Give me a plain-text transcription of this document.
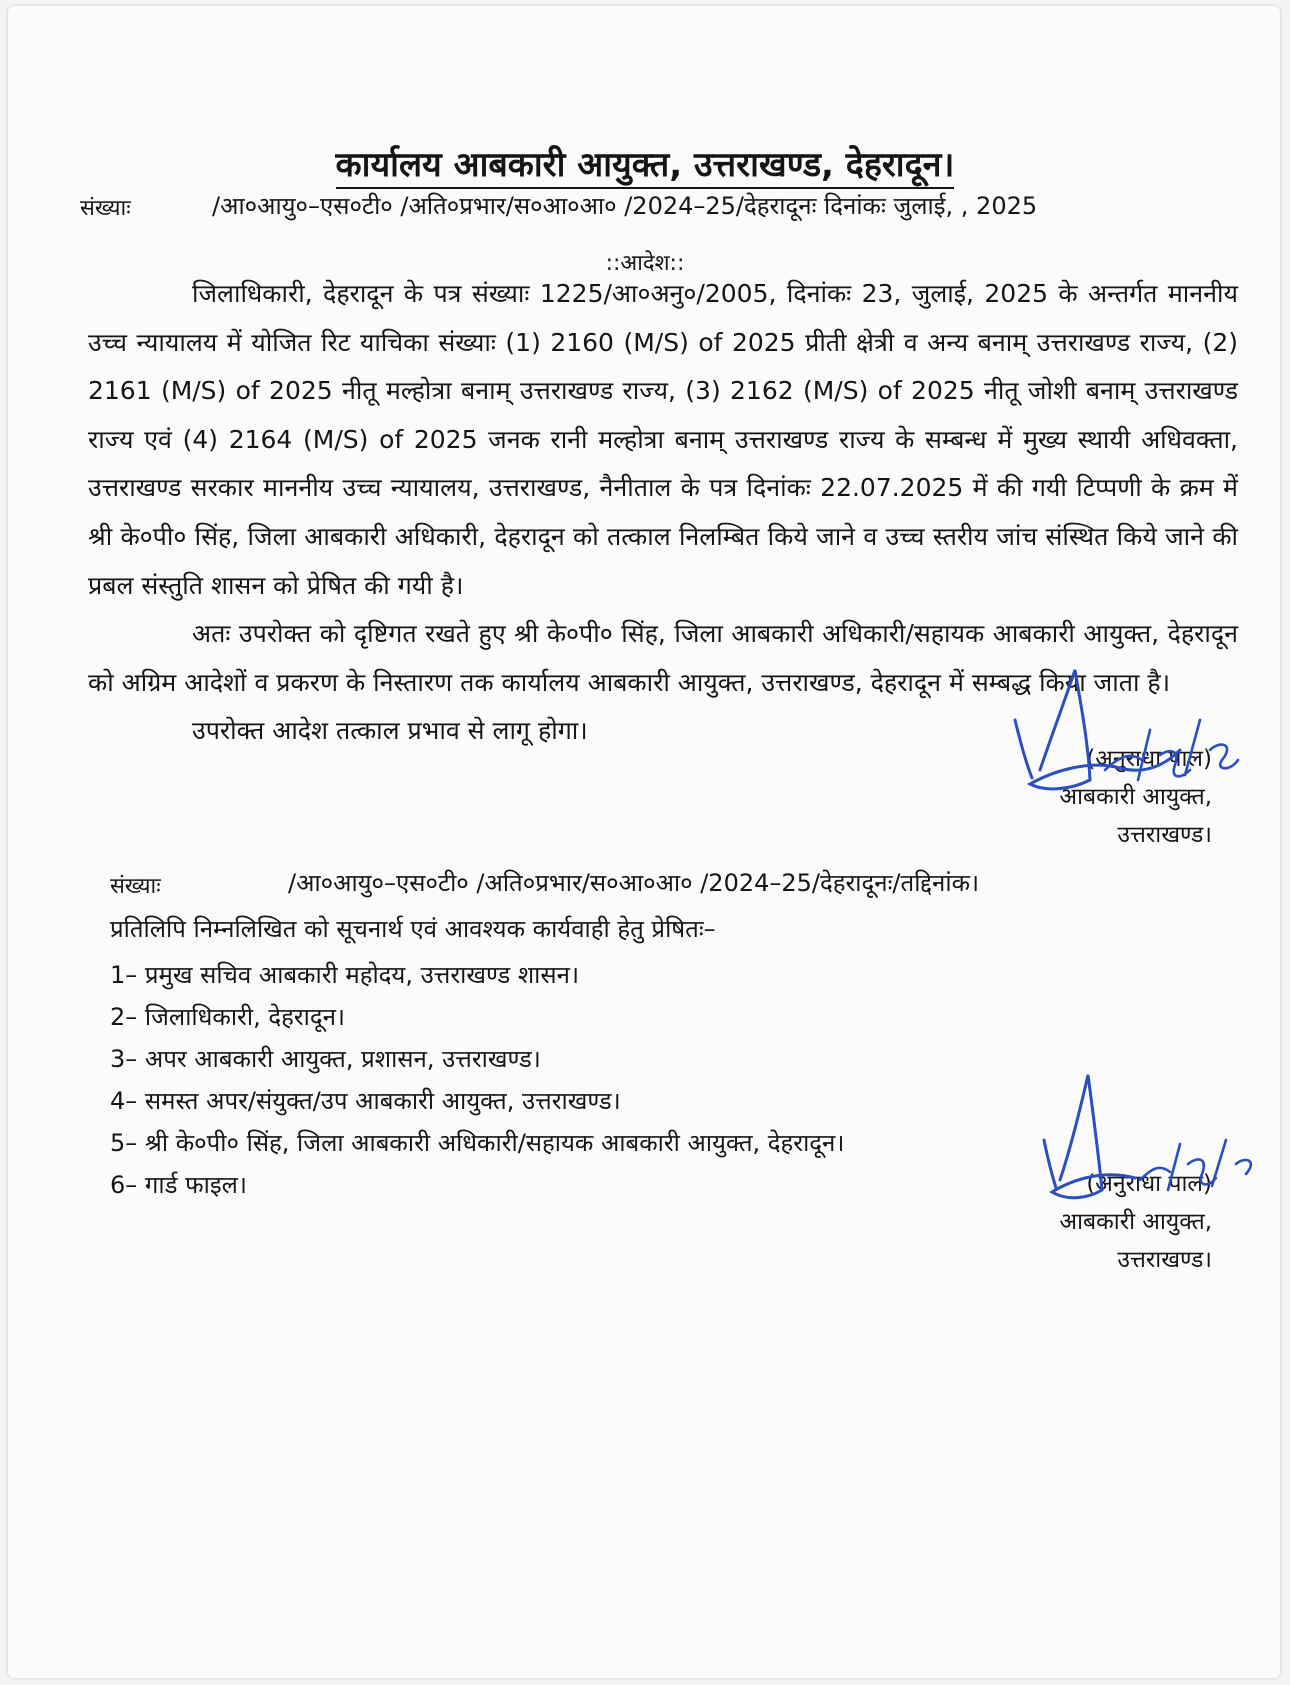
कार्यालय आबकारी आयुक्त, उत्तराखण्ड, देहरादून।
संख्याः	/आ०आयु०–एस०टी० /अति०प्रभार/स०आ०आ० /2024–25/देहरादूनः दिनांकः जुलाई, , 2025
::आदेश::

जिलाधिकारी, देहरादून के पत्र संख्याः 1225/आ०अनु०/2005, दिनांकः 23, जुलाई, 2025 के अन्तर्गत माननीय उच्च न्यायालय में योजित रिट याचिका संख्याः (1) 2160 (M/S) of 2025 प्रीती क्षेत्री व अन्य बनाम् उत्तराखण्ड राज्य, (2) 2161 (M/S) of 2025 नीतू मल्होत्रा बनाम् उत्तराखण्ड राज्य, (3) 2162 (M/S) of 2025 नीतू जोशी बनाम् उत्तराखण्ड राज्य एवं (4) 2164 (M/S) of 2025 जनक रानी मल्होत्रा बनाम् उत्तराखण्ड राज्य के सम्बन्ध में मुख्य स्थायी अधिवक्ता, उत्तराखण्ड सरकार माननीय उच्च न्यायालय, उत्तराखण्ड, नैनीताल के पत्र दिनांकः 22.07.2025 में की गयी टिप्पणी के क्रम में श्री के०पी० सिंह, जिला आबकारी अधिकारी, देहरादून को तत्काल निलम्बित किये जाने व उच्च स्तरीय जांच संस्थित किये जाने की प्रबल संस्तुति शासन को प्रेषित की गयी है।

अतः उपरोक्त को दृष्टिगत रखते हुए श्री के०पी० सिंह, जिला आबकारी अधिकारी/सहायक आबकारी आयुक्त, देहरादून को अग्रिम आदेशों व प्रकरण के निस्तारण तक कार्यालय आबकारी आयुक्त, उत्तराखण्ड, देहरादून में सम्बद्ध किया जाता है।

उपरोक्त आदेश तत्काल प्रभाव से लागू होगा।

(अनुराधा पाल)
आबकारी आयुक्त,
उत्तराखण्ड।
संख्याः	/आ०आयु०–एस०टी० /अति०प्रभार/स०आ०आ० /2024–25/देहरादूनः/तद्दिनांक।
प्रतिलिपि निम्नलिखित को सूचनार्थ एवं आवश्यक कार्यवाही हेतु प्रेषितः–
1– प्रमुख सचिव आबकारी महोदय, उत्तराखण्ड शासन।
2– जिलाधिकारी, देहरादून।
3– अपर आबकारी आयुक्त, प्रशासन, उत्तराखण्ड।
4– समस्त अपर/संयुक्त/उप आबकारी आयुक्त, उत्तराखण्ड।
5– श्री के०पी० सिंह, जिला आबकारी अधिकारी/सहायक आबकारी आयुक्त, देहरादून।
6– गार्ड फाइल।	(अनुराधा पाल)
आबकारी आयुक्त,
उत्तराखण्ड।
